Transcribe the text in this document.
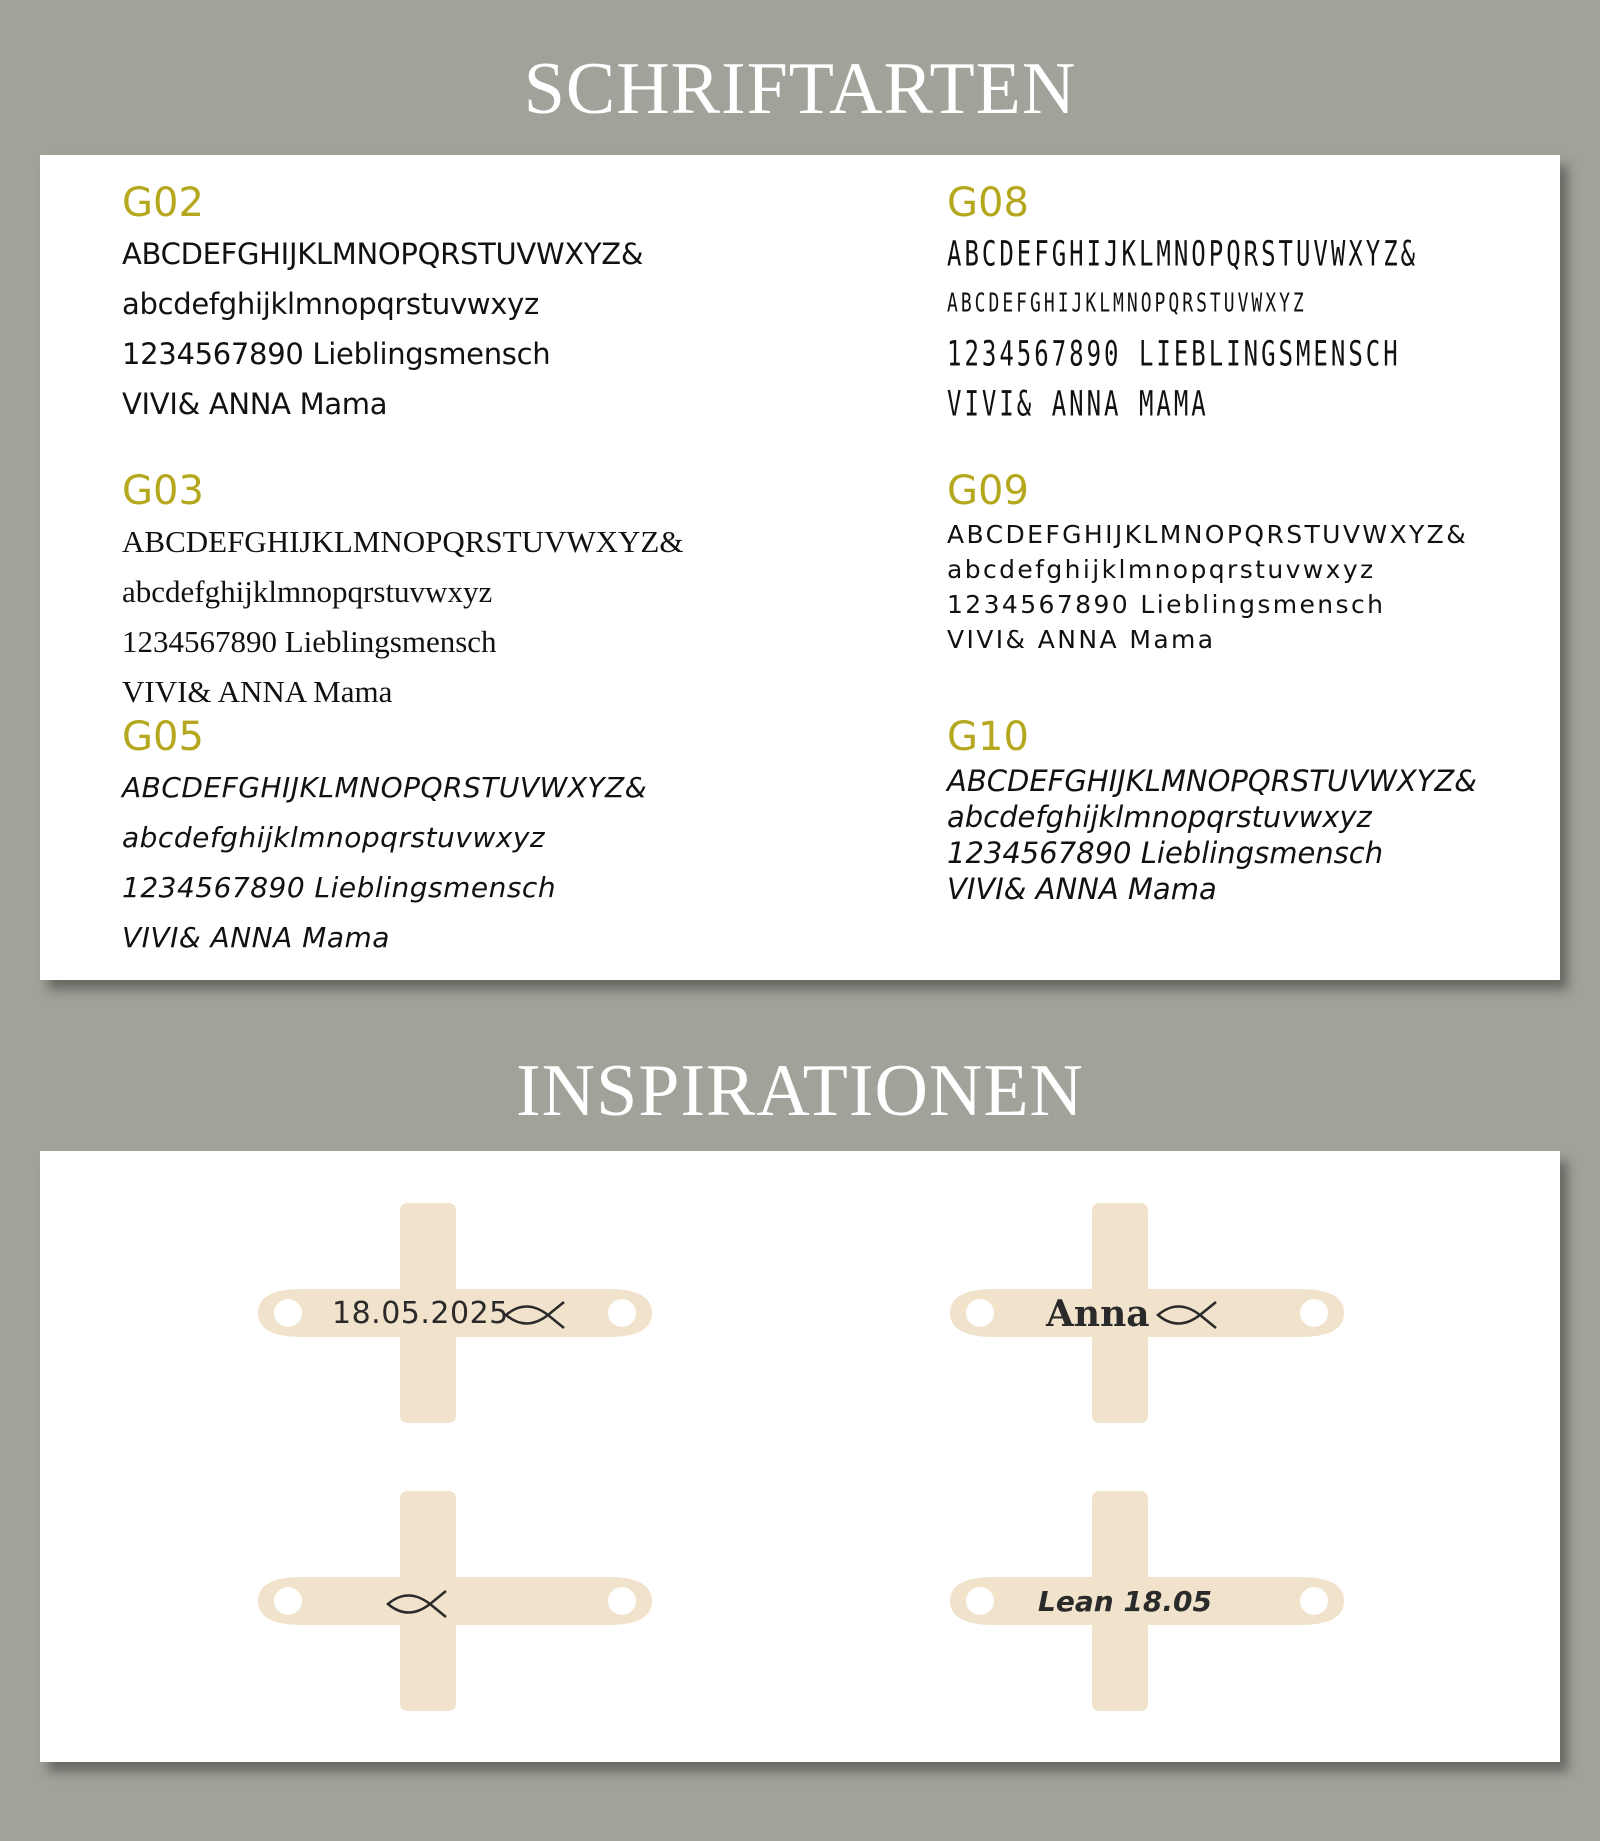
SCHRIFTARTEN
G02
ABCDEFGHIJKLMNOPQRSTUVWXYZ&
abcdefghijklmnopqrstuvwxyz
1234567890 Lieblingsmensch
VIVI& ANNA Mama
G03
ABCDEFGHIJKLMNOPQRSTUVWXYZ&
abcdefghijklmnopqrstuvwxyz
1234567890 Lieblingsmensch
VIVI& ANNA Mama
G05
ABCDEFGHIJKLMNOPQRSTUVWXYZ&
abcdefghijklmnopqrstuvwxyz
1234567890 Lieblingsmensch
VIVI& ANNA Mama
G08
ABCDEFGHIJKLMNOPQRSTUVWXYZ&
ABCDEFGHIJKLMNOPQRSTUVWXYZ
1234567890 LIEBLINGSMENSCH
VIVI& ANNA MAMA
G09
ABCDEFGHIJKLMNOPQRSTUVWXYZ&
abcdefghijklmnopqrstuvwxyz
1234567890 Lieblingsmensch
VIVI& ANNA Mama
G10
ABCDEFGHIJKLMNOPQRSTUVWXYZ&
abcdefghijklmnopqrstuvwxyz
1234567890 Lieblingsmensch
VIVI& ANNA Mama
INSPIRATIONEN
18.05.2025	Anna
Lean 18.05
